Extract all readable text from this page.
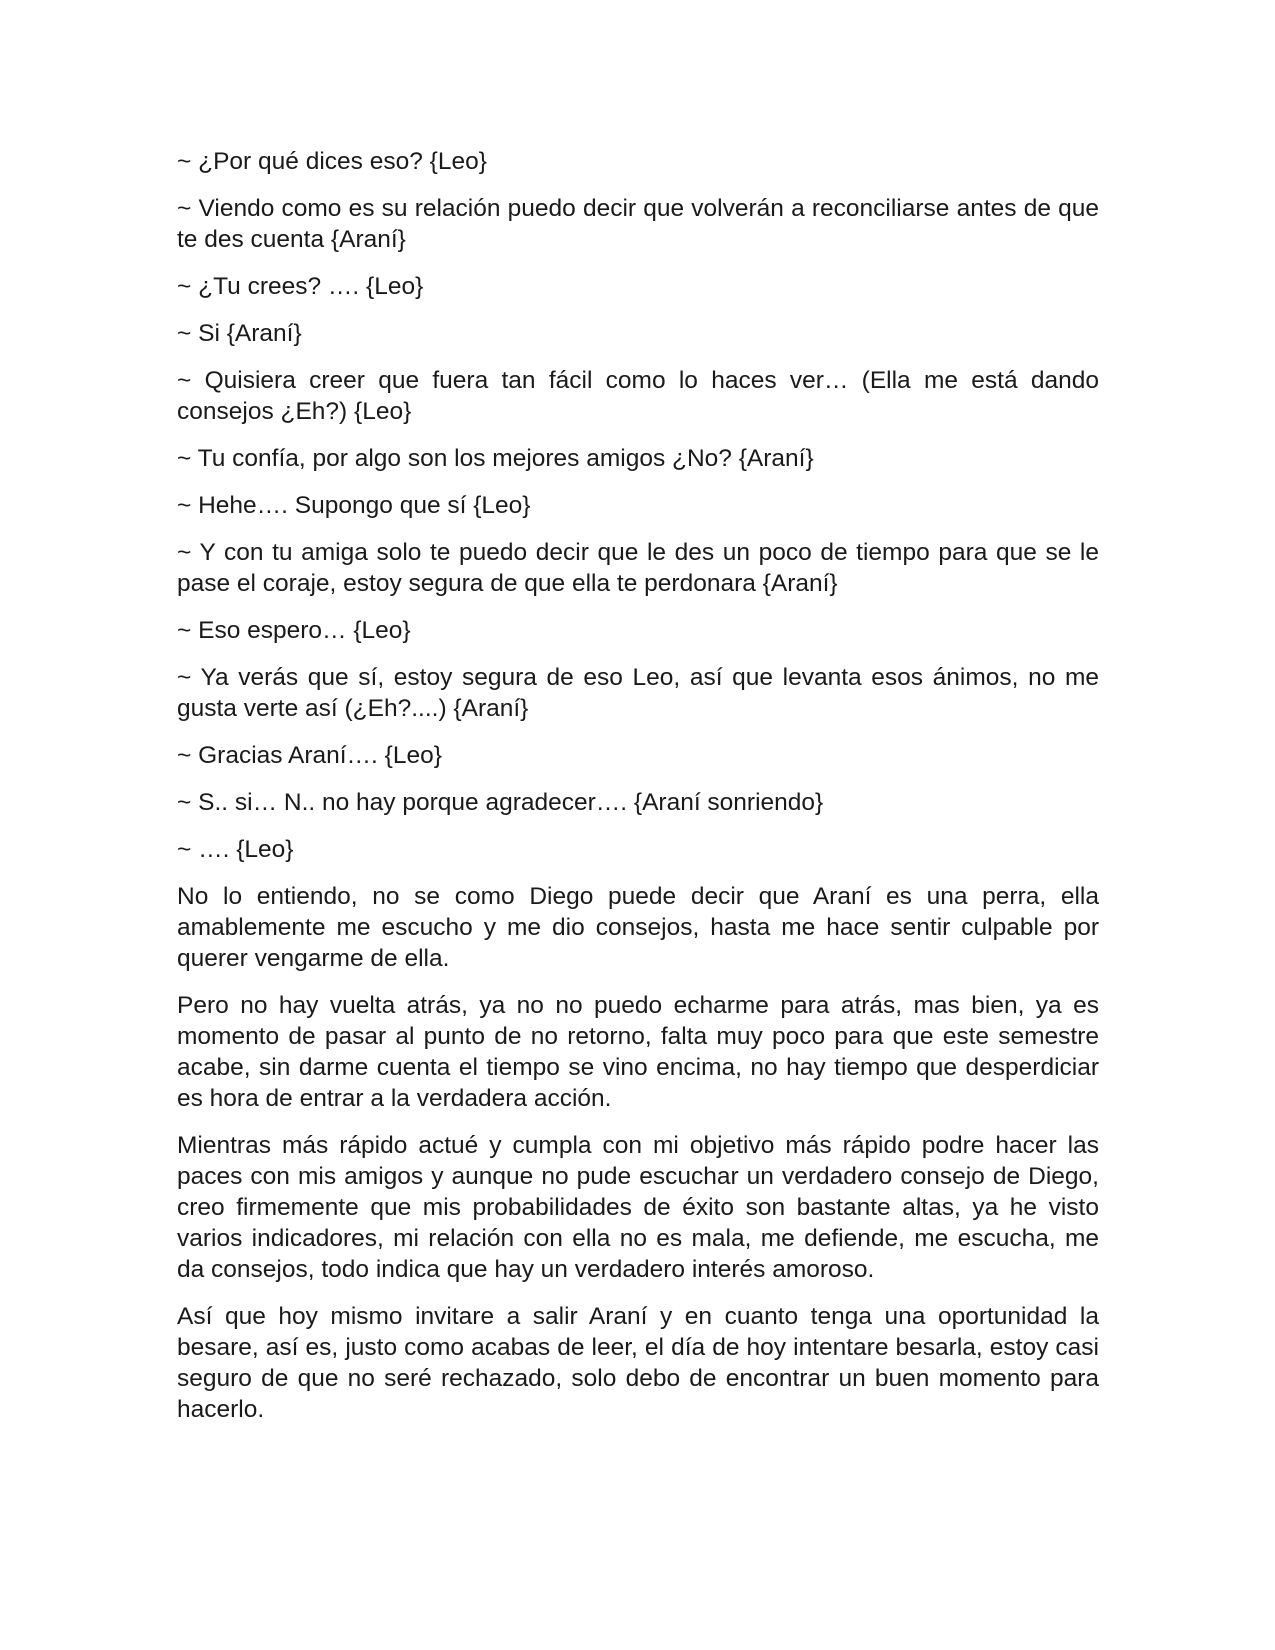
~ ¿Por qué dices eso? {Leo}

~ Viendo como es su relación puedo decir que volverán a reconciliarse antes de que te des cuenta {Araní}

~ ¿Tu crees? …. {Leo}

~ Si {Araní}

~ Quisiera creer que fuera tan fácil como lo haces ver… (Ella me está dando consejos ¿Eh?) {Leo}

~ Tu confía, por algo son los mejores amigos ¿No? {Araní}

~ Hehe…. Supongo que sí {Leo}

~ Y con tu amiga solo te puedo decir que le des un poco de tiempo para que se le pase el coraje, estoy segura de que ella te perdonara {Araní}

~ Eso espero… {Leo}

~ Ya verás que sí, estoy segura de eso Leo, así que levanta esos ánimos, no me gusta verte así (¿Eh?....) {Araní}

~ Gracias Araní…. {Leo}

~ S.. si… N.. no hay porque agradecer…. {Araní sonriendo}

~ …. {Leo}

No lo entiendo, no se como Diego puede decir que Araní es una perra, ella amablemente me escucho y me dio consejos, hasta me hace sentir culpable por querer vengarme de ella.

Pero no hay vuelta atrás, ya no no puedo echarme para atrás, mas bien, ya es momento de pasar al punto de no retorno, falta muy poco para que este semestre acabe, sin darme cuenta el tiempo se vino encima, no hay tiempo que desperdiciar es hora de entrar a la verdadera acción.

Mientras más rápido actué y cumpla con mi objetivo más rápido podre hacer las paces con mis amigos y aunque no pude escuchar un verdadero consejo de Diego, creo firmemente que mis probabilidades de éxito son bastante altas, ya he visto varios indicadores, mi relación con ella no es mala, me defiende, me escucha, me da consejos, todo indica que hay un verdadero interés amoroso.

Así que hoy mismo invitare a salir Araní y en cuanto tenga una oportunidad la besare, así es, justo como acabas de leer, el día de hoy intentare besarla, estoy casi seguro de que no seré rechazado, solo debo de encontrar un buen momento para hacerlo.
